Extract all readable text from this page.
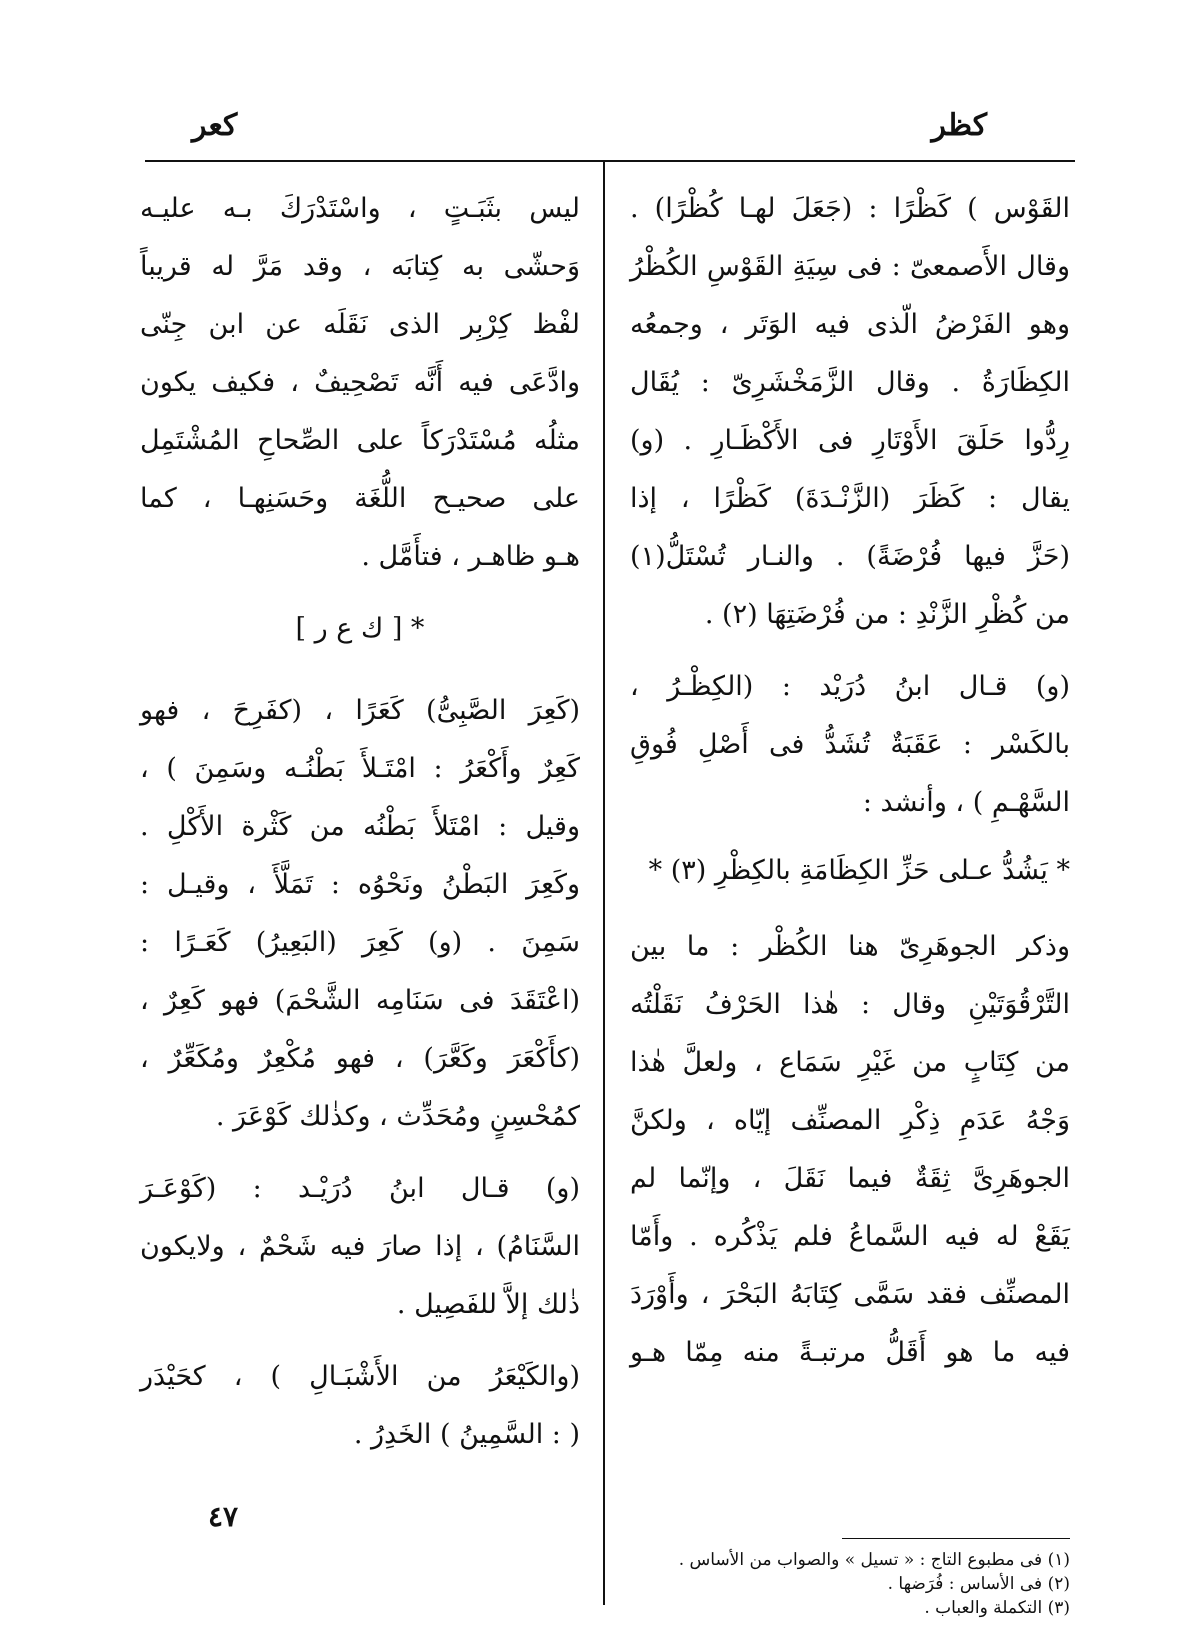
كعر	كظر
القَوْس ) كَظْرًا : (جَعَلَ لهـا كُظْرًا) .
وقال الأَصمعىّ : فى سِيَةِ القَوْسِ الكُظْرُ
وهو الفَرْضُ الّذى فيه الوَتَر ، وجمعُه
الكِظَارَةُ . وقال الزَّمَخْشَرِىّ : يُقَال
رِدُّوا حَلَقَ الأَوْتَارِ فى الأَكْظَـارِ . (و)
يقال : كَظَرَ (الزَّنْـدَةَ) كَظْرًا ، إذا
(حَزَّ فيها فُرْضَةً) . والنـار تُسْتَلُّ(١)
من كُظْرِ الزَّنْدِ : من فُرْضَتِهَا (٢) .
(و) قـال ابنُ دُرَيْد : (الكِظْـرُ ،
بالكَسْر : عَقَبَةٌ تُشَدُّ فى أَصْلِ فُوقِ
السَّهْـمِ ) ، وأنشد :
* يَشُدُّ عـلى حَزِّ الكِظَامَةِ بالكِظْرِ (٣) *
وذكر الجوهَرِىّ هنا الكُظْر : ما بين
التَّرْقُوَتَيْنِ وقال : هٰذا الحَرْفُ نَقَلْتُه
من كِتَابٍ من غَيْرِ سَمَاع ، ولعلَّ هٰذا
وَجْهُ عَدَمِ ذِكْرِ المصنِّف إيّاه ، ولكنَّ
الجوهَرِىَّ ثِقَةٌ فيما نَقَلَ ، وإنّما لم
يَقَعْ له فيه السَّماعُ فلم يَذْكُره . وأَمّا
المصنِّف فقد سَمَّى كِتَابَهُ البَحْرَ ، وأَوْرَدَ
فيه ما هو أَقَلُّ مرتبـةً منه مِمّا هـو
ليس بثَبَـتٍ ، واسْتَدْرَكَ بـه عليـه
وَحشّى به كِتابَه ، وقد مَرَّ له قريباً
لفْظ كِرْبِر الذى نَقَلَه عن ابن جِنّى
وادَّعَى فيه أَنَّه تَصْحِيفٌ ، فكيف يكون
مثلُه مُسْتَدْرَكاً على الصِّحاحِ المُشْتَمِل
على صحيـح اللُّغَة وحَسَنِهـا ، كما
هـو ظاهـر ، فتأَمَّل .
* [ ك ع ر ]
(كَعِرَ الصَّبِىُّ) كَعَرًا ، (كفَرِحَ ، فهو
كَعِرٌ وأَكْعَرُ : امْتَـلأَ بَطْنُـه وسَمِنَ ) ،
وقيل : امْتَلأَ بَطْنُه من كَثْرة الأَكْلِ .
وكَعِرَ البَطْنُ ونَحْوُه : تَمَلَّأَ ، وقيـل :
سَمِنَ . (و) كَعِرَ (البَعِيرُ) كَعَـرًا :
(اعْتَقَدَ فى سَنَامِه الشَّحْمَ) فهو كَعِرٌ ،
(كأَكْعَرَ وكَعَّرَ) ، فهو مُكْعِرٌ ومُكَعِّرٌ ،
كمُحْسِنٍ ومُحَدِّث ، وكذٰلك كَوْعَرَ .
(و) قـال ابنُ دُرَيْـد : (كَوْعَـرَ
السَّنَامُ) ، إذا صارَ فيه شَحْمٌ ، ولايكون
ذٰلك إلاَّ للفَصِيل .
(والكَيْعَرُ من الأَشْبَـالِ ) ، كحَيْدَر
( : السَّمِينُ ) الخَدِرُ .
(١) فى مطبوع التاج : « تسيل » والصواب من الأساس .
(٢) فى الأساس : فُرَضها .
(٣) التكملة والعباب .
٤٧
